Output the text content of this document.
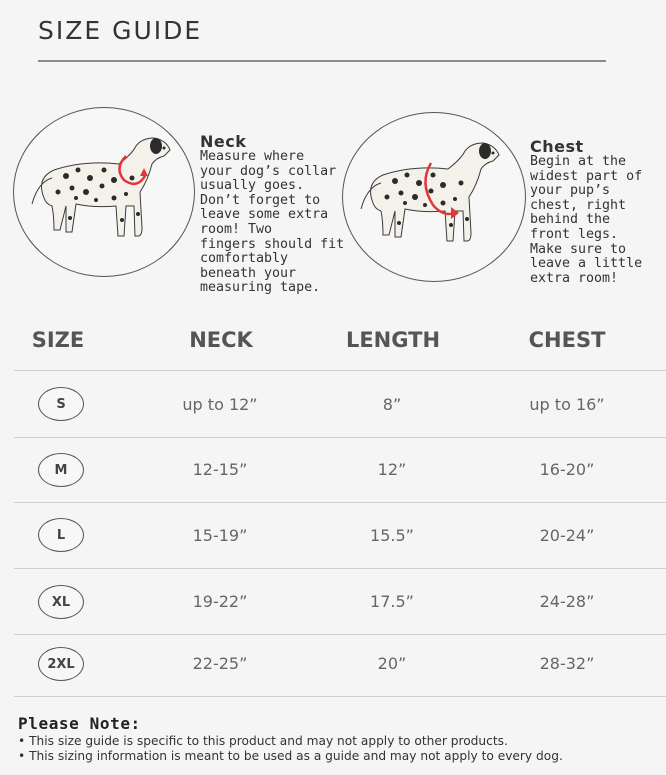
SIZE GUIDE
Neck
Measure where
your dog’s collar
usually goes.
Don’t forget to
leave some extra
room! Two
fingers should fit
comfortably
beneath your
measuring tape.
Chest
Begin at the
widest part of
your pup’s
chest, right
behind the
front legs.
Make sure to
leave a little
extra room!
SIZE	NECK	LENGTH	CHEST
S	up to 12”	8”	up to 16”
M	12-15”	12”	16-20”
L	15-19”	15.5”	20-24”
XL	19-22”	17.5”	24-28”
2XL	22-25”	20”	28-32”
Please Note:
• This size guide is specific to this product and may not apply to other products.
• This sizing information is meant to be used as a guide and may not apply to every dog.
